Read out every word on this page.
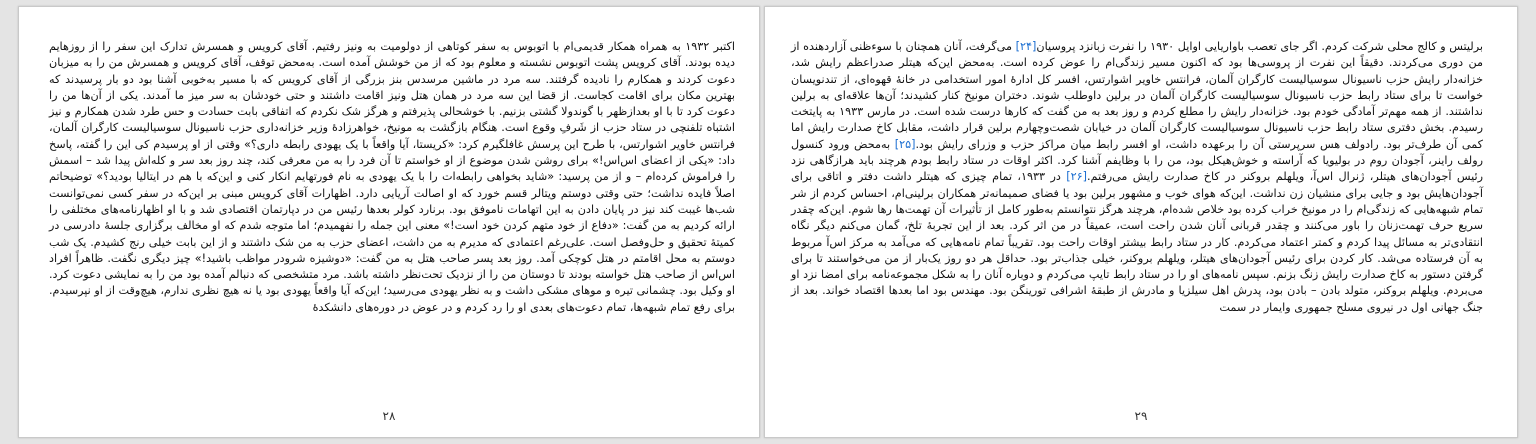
اکتبر ۱۹۳۲ به همراه همکار قدیمی‌ام با اتوبوس به سفر کوتاهی از دولومیت به ونیز رفتیم. آقای کرویس و همسرش تدارک این سفر را از روزهایم دیده بودند. آقای کرویس پشت اتوبوس نشسته و معلوم بود که از من خوشش آمده است. به‌محض توقف، آقای کرویس و همسرش من را به میزبان دعوت کردند و همکارم را نادیده گرفتند. سه مرد در ماشین مرسدس بنز بزرگی از آقای کرویس که با مسیر به‌خوبی آشنا بود دو بار پرسیدند که بهترین مکان برای اقامت کجاست. از قضا این سه مرد در همان هتل ونیز اقامت داشتند و حتی خودشان به سر میز ما آمدند. یکی از آن‌ها من را دعوت کرد تا با او بعدازظهر با گوندولا گشتی بزنیم. با خوشحالی پذیرفتم و هرگز شک نکردم که اتفاقی بابت حسادت و حس طرد شدن همکارم و نیز اشتباه تلفنچی در ستاد حزب از شَرفِ وقوع است. هنگام بازگشت به مونیخ، خواهرزادۀ وزیر خزانه‌داری حزب ناسیونال سوسیالیست کارگران آلمان، فرانتس خاویر اشوارتس، با طرح این پرسش غافلگیرم کرد: «کریستا، آیا واقعاً با یک یهودی رابطه داری؟» وقتی از او پرسیدم کی این را گفته، پاسخ داد: «یکی از اعضای اس‌اس!» برای روشن شدن موضوع از او خواستم تا آن فرد را به من معرفی کند، چند روز بعد سر و کله‌اش پیدا شد – اسمش را فراموش کرده‌ام – و از من پرسید: «شاید بخواهی رابطه‌ات را با یک یهودی به نام فورتهایم انکار کنی و این‌که با هم در ایتالیا بودید؟» توضیحاتم اصلاً فایده نداشت؛ حتی وقتی دوستم ویتالر قسم خورد که او اصالت آریایی دارد. اظهارات آقای کرویس مبنی بر این‌که در سفر کسی نمی‌توانست شب‌ها غیبت کند نیز در پایان دادن به این اتهامات ناموفق بود. برنارد کولر بعدها رئیس من در دپارتمان اقتصادی شد و با او اظهارنامه‌های مختلفی را ارائه کردیم به من گفت: «دفاع از خود متهم کردن خود است!» معنی این جمله را نفهمیدم؛ اما متوجه شدم که او مخالف برگزاری جلسۀ دادرسی در کمیتۀ تحقیق و حل‌وفصل است. علی‌رغم اعتمادی که مدیرم به من داشت، اعضای حزب به من شک داشتند و از این بابت خیلی رنج کشیدم. یک شب دوستم به محل اقامتم در هتل کوچکی آمد. روز بعد پسر صاحب هتل به من گفت: «دوشیزه شرودر مواظب باشید!» چیز دیگری نگفت. ظاهراً افراد اس‌اس از صاحب هتل خواسته بودند تا دوستان من را از نزدیک تحت‌نظر داشته باشد. مرد متشخصی که دنبالم آمده بود من را به نمایشی دعوت کرد. او وکیل بود. چشمانی تیره و موهای مشکی داشت و به نظر یهودی می‌رسید؛ این‌که آیا واقعاً یهودی بود یا نه هیچ نظری ندارم، هیچ‌وقت از او نپرسیدم. برای رفع تمام شبهه‌ها، تمام دعوت‌های بعدی او را رد کردم و در عوض در دوره‌های دانشکدۀ

۲۸

برلیتس و کالج محلی شرکت کردم. اگر جای تعصب باواریایی اوایل ۱۹۳۰ را نفرت زبانزد پروسیان[۲۴] می‌گرفت، آنان همچنان با سوءظنی آزاردهنده از من دوری می‌کردند. دقیقاً این نفرت از پروسی‌ها بود که اکنون مسیر زندگی‌ام را عوض کرده است. به‌محض این‌که هیتلر صدراعظم رایش شد، خزانه‌دار رایش حزب ناسیونال سوسیالیست کارگران آلمان، فرانتس خاویر اشوارتس، افسر کل ادارۀ امور استخدامی در خانۀ قهوه‌ای، از تندنویسان خواست تا برای ستاد رابط حزب ناسیونال سوسیالیست کارگران آلمان در برلین داوطلب شوند. دختران مونیخ کنار کشیدند؛ آن‌ها علاقه‌ای به برلین نداشتند. از همه مهم‌تر آمادگی خودم بود. خزانه‌دار رایش را مطلع کردم و روز بعد به من گفت که کارها درست شده است. در مارس ۱۹۳۳ به پایتخت رسیدم. بخش دفتری ستاد رابط حزب ناسیونال سوسیالیست کارگران آلمان در خیابان شصت‌وچهارم برلین قرار داشت، مقابل کاخ صدارت رایش اما کمی آن طرف‌تر بود. رادولف هس سرپرستی آن را برعهده داشت، او افسر رابط میان مراکز حزب و وزرای رایش بود.[۲۵] به‌محض ورود کنسول رولف راینر، آجودان روم در بولیویا که آراسته و خوش‌هیکل بود، من را با وظایفم آشنا کرد. اکثر اوقات در ستاد رابط بودم هرچند باید هرازگاهی نزد رئیس آجودان‌های هیتلر، ژنرال اس‌آ، ویلهلم بروکنر در کاخ صدارت رایش می‌رفتم.[۲۶] در ۱۹۳۳، تمام چیزی که هیتلر داشت دفتر و اتاقی برای آجودان‌هایش بود و جایی برای منشیان زن نداشت. این‌که هوای خوب و مشهور برلین بود یا فضای صمیمانه‌تر همکاران برلینی‌ام، احساس کردم از شر تمام شبهه‌هایی که زندگی‌ام را در مونیخ خراب کرده بود خلاص شده‌ام، هرچند هرگز نتوانستم به‌طور کامل از تأثیرات آن تهمت‌ها رها شوم. این‌که چقدر سریع حرف تهمت‌زنان را باور می‌کنند و چقدر قربانی آنان شدن راحت است، عمیقاً در من اثر کرد. بعد از این تجربۀ تلخ، گمان می‌کنم دیگر نگاه انتقادی‌تر به مسائل پیدا کردم و کمتر اعتماد می‌کردم. کار در ستاد رابط بیشتر اوقات راحت بود. تقریباً تمام نامه‌هایی که می‌آمد به مرکز اس‌آ مربوط به آن فرستاده می‌شد. کار کردن برای رئیس آجودان‌های هیتلر، ویلهلم بروکنر، خیلی جذاب‌تر بود. حداقل هر دو روز یک‌بار از من می‌خواستند تا برای گرفتن دستور به کاخ صدارت رایش زنگ بزنم. سپس نامه‌های او را در ستاد رابط تایپ می‌کردم و دوباره آنان را به شکل مجموعه‌نامه برای امضا نزد او می‌بردم. ویلهلم بروکنر، متولد بادن – بادن بود، پدرش اهل سیلزیا و مادرش از طبقۀ اشرافی تورینگن بود. مهندس بود اما بعدها اقتصاد خواند. بعد از جنگ جهانی اول در نیروی مسلح جمهوری وایمار در سمت

۲۹
